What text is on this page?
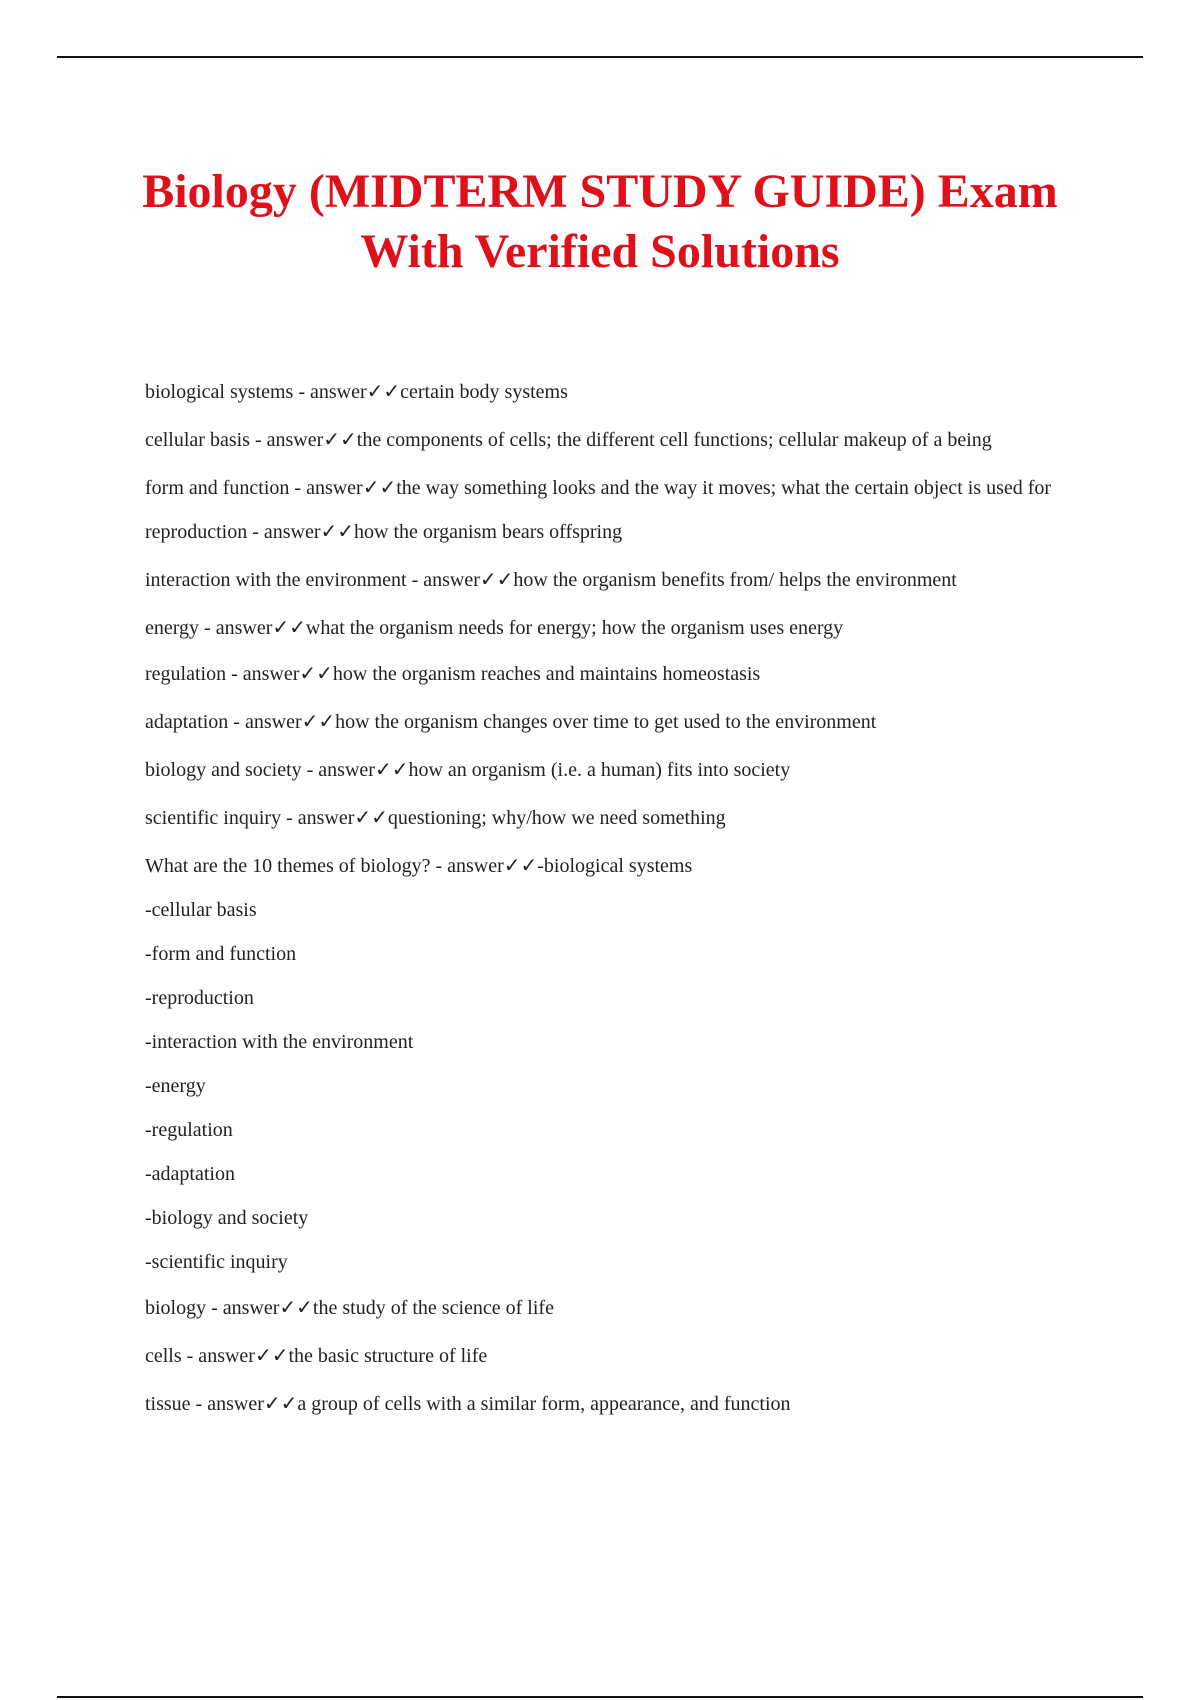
Biology (MIDTERM STUDY GUIDE) Exam
With Verified Solutions
biological systems - answer✓✓certain body systems
cellular basis - answer✓✓the components of cells; the different cell functions; cellular makeup of a being
form and function - answer✓✓the way something looks and the way it moves; what the certain object is used for
reproduction - answer✓✓how the organism bears offspring
interaction with the environment - answer✓✓how the organism benefits from/ helps the environment
energy - answer✓✓what the organism needs for energy; how the organism uses energy
regulation - answer✓✓how the organism reaches and maintains homeostasis
adaptation - answer✓✓how the organism changes over time to get used to the environment
biology and society - answer✓✓how an organism (i.e. a human) fits into society
scientific inquiry - answer✓✓questioning; why/how we need something
What are the 10 themes of biology? - answer✓✓-biological systems
-cellular basis
-form and function
-reproduction
-interaction with the environment
-energy
-regulation
-adaptation
-biology and society
-scientific inquiry
biology - answer✓✓the study of the science of life
cells - answer✓✓the basic structure of life
tissue - answer✓✓a group of cells with a similar form, appearance, and function
